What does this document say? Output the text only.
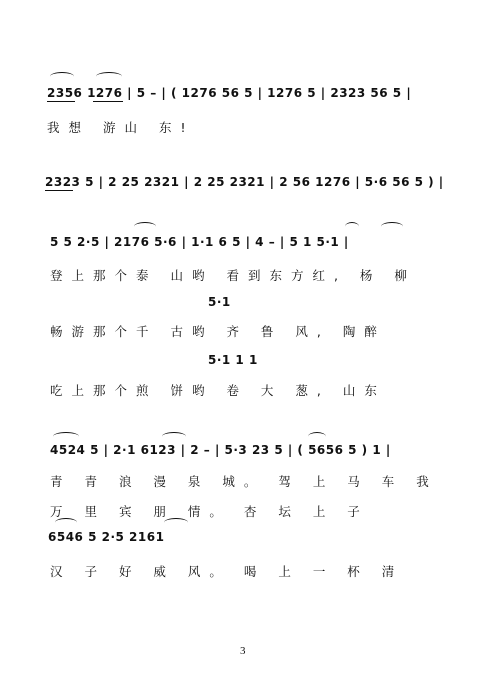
2356 1276 | 5 – | ( 1276 56 5 | 1276 5 | 2323 56 5 |
我想 游山 东!
2323 5 | 2 25 2321 | 2 25 2321 | 2 56 1276 | 5·6 56 5 ) |
5 5 2·5 | 2176 5·6 | 1·1 6 5 | 4 – | 5 1 5·1 |
登上那个泰 山哟 看到东方红, 杨 柳
5·1
畅游那个千 古哟 齐 鲁 风, 陶醉
5·1 1 1
吃上那个煎 饼哟 卷 大 葱, 山东
4524 5 | 2·1 6123 | 2 – | 5·3 23 5 | ( 5656 5 ) 1 |
青 青 浪 漫 泉 城。 驾 上 马 车 我
万 里 宾 朋 情。 杏 坛 上 子
6546 5 2·5 2161
汉 子 好 威 风。 喝 上 一 杯 清
3
